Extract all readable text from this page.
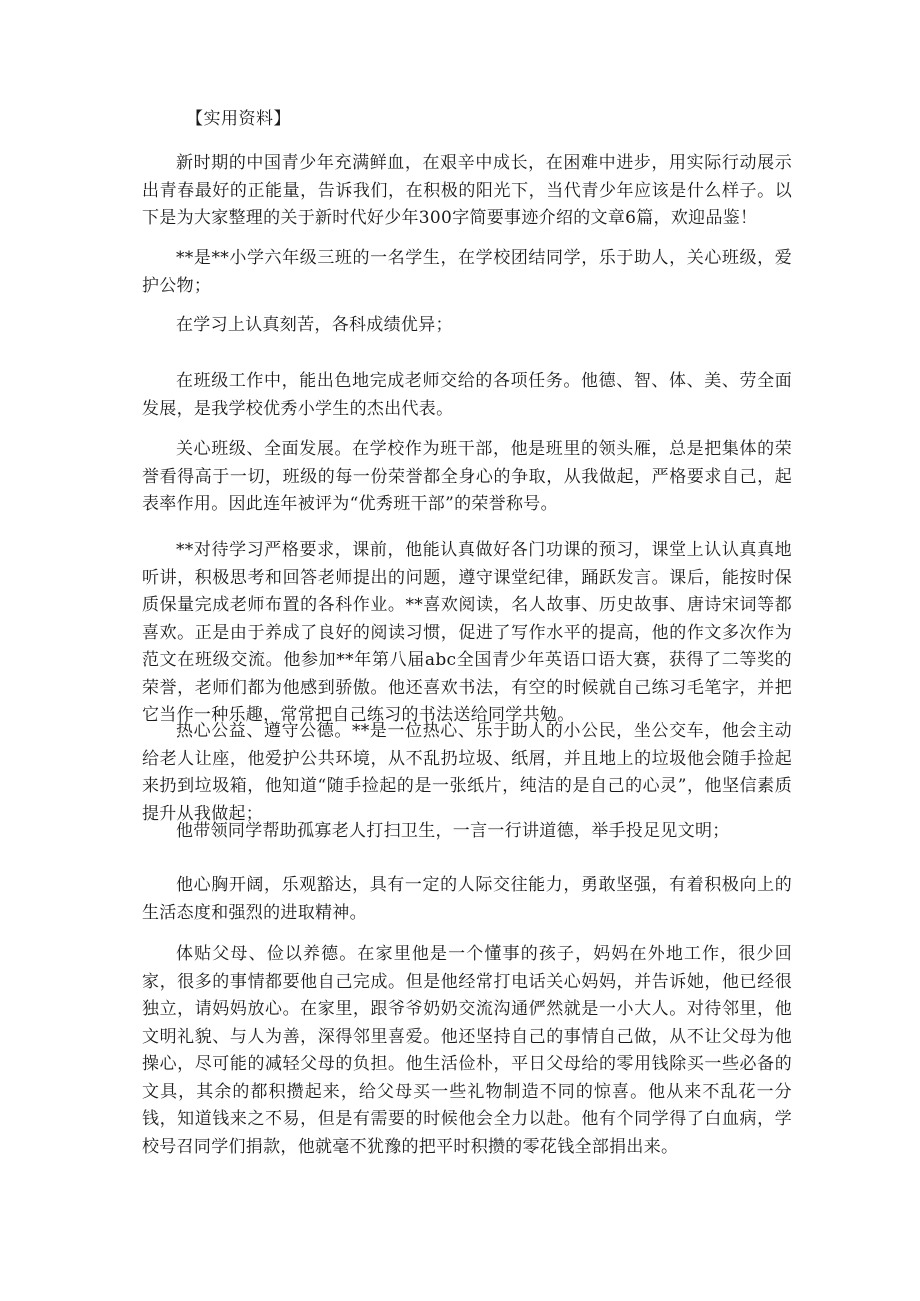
【实用资料】

新时期的中国青少年充满鲜血，在艰辛中成长，在困难中进步，用实际行动展示出青春最好的正能量，告诉我们，在积极的阳光下，当代青少年应该是什么样子。以下是为大家整理的关于新时代好少年300字简要事迹介绍的文章6篇，欢迎品鉴！

**是**小学六年级三班的一名学生，在学校团结同学，乐于助人，关心班级，爱护公物；

在学习上认真刻苦，各科成绩优异；

在班级工作中，能出色地完成老师交给的各项任务。他德、智、体、美、劳全面发展，是我学校优秀小学生的杰出代表。

关心班级、全面发展。在学校作为班干部，他是班里的领头雁，总是把集体的荣誉看得高于一切，班级的每一份荣誉都全身心的争取，从我做起，严格要求自己，起表率作用。因此连年被评为“优秀班干部”的荣誉称号。

**对待学习严格要求，课前，他能认真做好各门功课的预习，课堂上认认真真地听讲，积极思考和回答老师提出的问题，遵守课堂纪律，踊跃发言。课后，能按时保质保量完成老师布置的各科作业。**喜欢阅读，名人故事、历史故事、唐诗宋词等都喜欢。正是由于养成了良好的阅读习惯，促进了写作水平的提高，他的作文多次作为范文在班级交流。他参加**年第八届abc全国青少年英语口语大赛，获得了二等奖的荣誉，老师们都为他感到骄傲。他还喜欢书法，有空的时候就自己练习毛笔字，并把它当作一种乐趣，常常把自己练习的书法送给同学共勉。

热心公益、遵守公德。**是一位热心、乐于助人的小公民，坐公交车，他会主动给老人让座，他爱护公共环境，从不乱扔垃圾、纸屑，并且地上的垃圾他会随手捡起来扔到垃圾箱，他知道“随手捡起的是一张纸片，纯洁的是自己的心灵”，他坚信素质提升从我做起；

他带领同学帮助孤寡老人打扫卫生，一言一行讲道德，举手投足见文明；

他心胸开阔，乐观豁达，具有一定的人际交往能力，勇敢坚强，有着积极向上的生活态度和强烈的进取精神。

体贴父母、俭以养德。在家里他是一个懂事的孩子，妈妈在外地工作，很少回家，很多的事情都要他自己完成。但是他经常打电话关心妈妈，并告诉她，他已经很独立，请妈妈放心。在家里，跟爷爷奶奶交流沟通俨然就是一小大人。对待邻里，他文明礼貌、与人为善，深得邻里喜爱。他还坚持自己的事情自己做，从不让父母为他操心，尽可能的减轻父母的负担。他生活俭朴，平日父母给的零用钱除买一些必备的文具，其余的都积攒起来，给父母买一些礼物制造不同的惊喜。他从来不乱花一分钱，知道钱来之不易，但是有需要的时候他会全力以赴。他有个同学得了白血病，学校号召同学们捐款，他就毫不犹豫的把平时积攒的零花钱全部捐出来。
